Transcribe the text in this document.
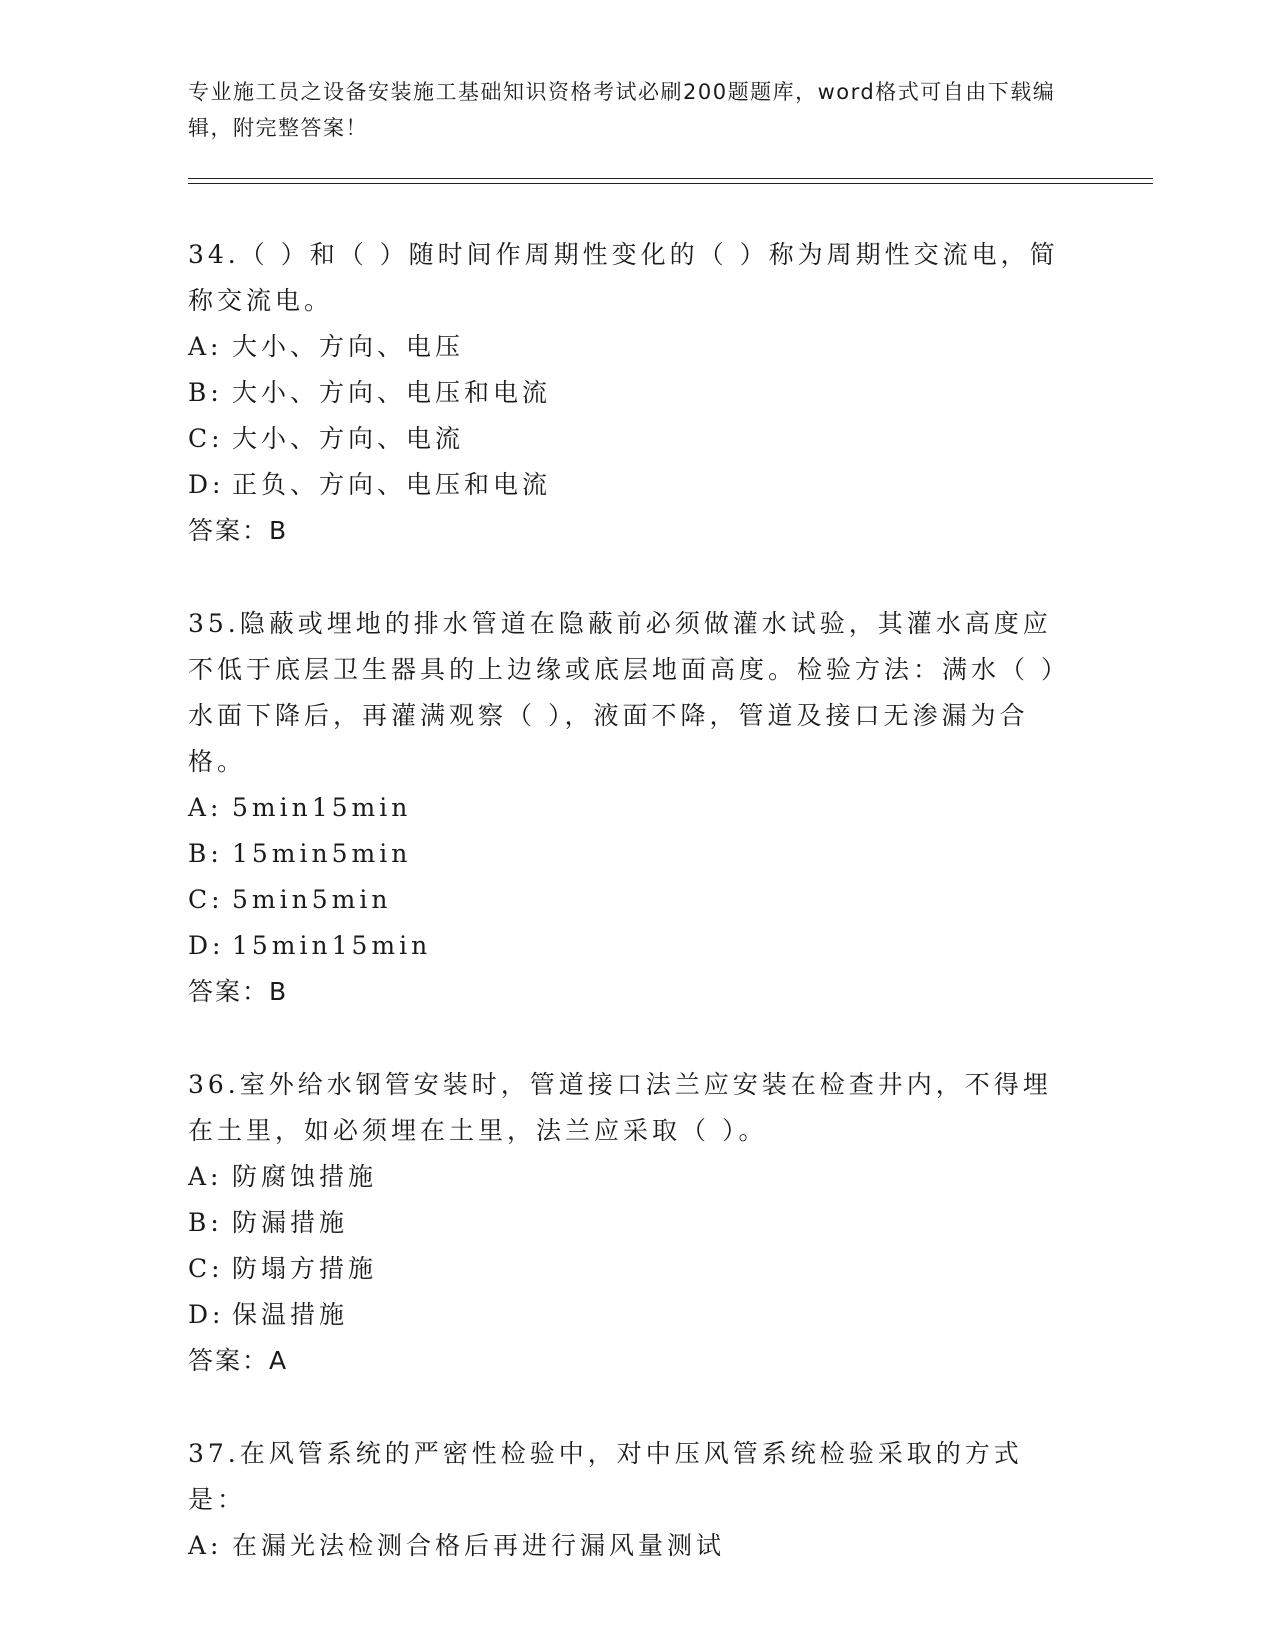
专业施工员之设备安装施工基础知识资格考试必刷200题题库，word格式可自由下载编辑，附完整答案！

34.（ ）和（ ）随时间作周期性变化的（ ）称为周期性交流电，简称交流电。

A: 大小、方向、电压

B: 大小、方向、电压和电流

C: 大小、方向、电流

D: 正负、方向、电压和电流

答案：B

35.隐蔽或埋地的排水管道在隐蔽前必须做灌水试验，其灌水高度应不低于底层卫生器具的上边缘或底层地面高度。检验方法：满水（ ）水面下降后，再灌满观察（ ），液面不降，管道及接口无渗漏为合格。

A: 5min15min

B: 15min5min

C: 5min5min

D: 15min15min

答案：B

36.室外给水钢管安装时，管道接口法兰应安装在检查井内，不得埋在土里，如必须埋在土里，法兰应采取（ ）。

A: 防腐蚀措施

B: 防漏措施

C: 防塌方措施

D: 保温措施

答案：A

37.在风管系统的严密性检验中，对中压风管系统检验采取的方式是：

A: 在漏光法检测合格后再进行漏风量测试
